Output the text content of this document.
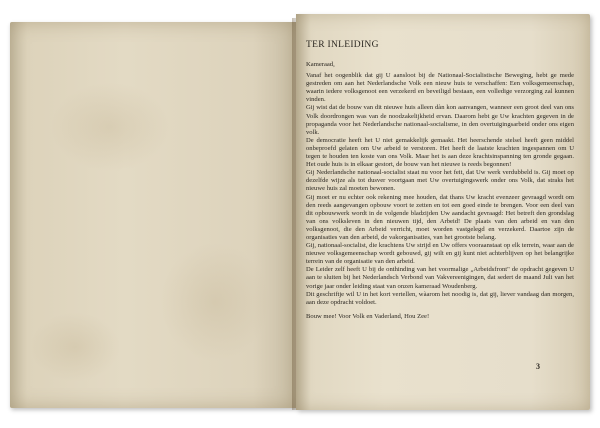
TER INLEIDING

Kameraad,

Vanaf het oogenblik dat gij U aansloot bij de Nationaal-Socialistische Beweging, hebt ge mede gestreden om aan het Nederlandsche Volk een nieuw huis te verschaffen: Een volksgemeenschap, waarin iedere volksgenoot een verzekerd en beveiligd bestaan, een volledige verzorging zal kunnen vinden.

Gij wist dat de bouw van dit nieuwe huis alleen dàn kon aanvangen, wanneer een groot deel van ons Volk doordrongen was van de noodzakelijkheid ervan. Daarom hebt ge Uw krachten gegeven in de propaganda voor het Nederlandsche nationaal-socialisme, in den overtuigingsarbeid onder ons eigen volk.

De democratie heeft het U niet gemakkelijk gemaakt. Het heerschende stelsel heeft geen middel onbeproefd gelaten om Uw arbeid te verstoren. Het heeft de laatste krachten ingespannen om U tegen te houden ten koste van ons Volk. Maar het is aan deze krachtsinspanning ten gronde gegaan. Het oude huis is in elkaar gestort, de bouw van het nieuwe is reeds begonnen!

Gij Nederlandsche nationaal-socialist staat nu voor het feit, dat Uw werk verdubbeld is. Gij moet op dezelfde wijze als tot dusver voortgaan met Uw overtuigingswerk onder ons Volk, dat straks het nieuwe huis zal moeten bewonen.

Gij moet er nu echter ook rekening mee houden, dat thans Uw kracht evenzeer gevraagd wordt om den reeds aangevangen opbouw voort te zetten en tot een goed einde te brengen. Voor een deel van dit opbouwwerk wordt in de volgende bladzijden Uw aandacht gevraagd: Het betreft den grondslag van ons volksleven in den nieuwen tijd, den Arbeid! De plaats van den arbeid en van den volksgenoot, die den Arbeid verricht, moet worden vastgelegd en verzekerd. Daartoe zijn de organisaties van den arbeid, de vakorganisaties, van het grootste belang.

Gij, nationaal-socialist, die krachtens Uw strijd en Uw offers vooraanstaat op elk terrein, waar aan de nieuwe volksgemeenschap wordt gebouwd, gij wilt en gij kunt niet achterblijven op het belangrijke terrein van de organisatie van den arbeid.

De Leider zelf heeft U bij de onthinding van het voormalige „Arbeidsfront" de opdracht gegeven U aan te sluiten bij het Nederlandsch Verbond van Vakvereenigingen, dat sedert de maand Juli van het vorige jaar onder leiding staat van onzen kameraad Woudenberg.

Dit geschriftje wil U in het kort vertellen, wàarom het noodig is, dat gij, liever vandaag dan morgen, aan deze opdracht voldoet.

Bouw mee! Voor Volk en Vaderland, Hou Zee!

3
